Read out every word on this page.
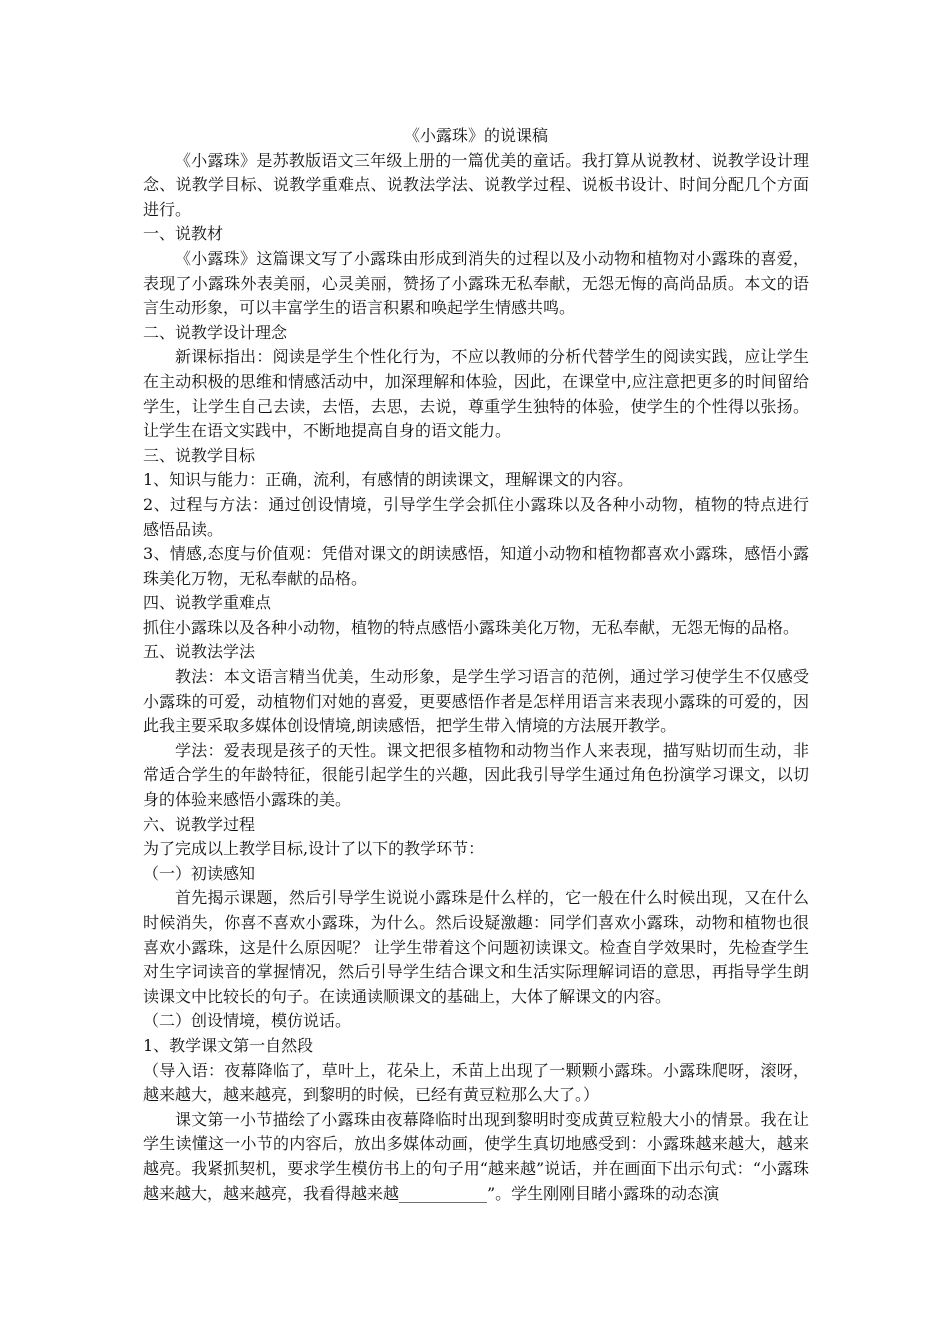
《小露珠》的说课稿

《小露珠》是苏教版语文三年级上册的一篇优美的童话。我打算从说教材、说教学设计理念、说教学目标、说教学重难点、说教法学法、说教学过程、说板书设计、时间分配几个方面进行。

一、说教材

《小露珠》这篇课文写了小露珠由形成到消失的过程以及小动物和植物对小露珠的喜爱，表现了小露珠外表美丽，心灵美丽，赞扬了小露珠无私奉献，无怨无悔的高尚品质。本文的语言生动形象，可以丰富学生的语言积累和唤起学生情感共鸣。

二、说教学设计理念

新课标指出：阅读是学生个性化行为，不应以教师的分析代替学生的阅读实践，应让学生在主动积极的思维和情感活动中，加深理解和体验，因此，在课堂中,应注意把更多的时间留给学生，让学生自己去读，去悟，去思，去说，尊重学生独特的体验，使学生的个性得以张扬。让学生在语文实践中，不断地提高自身的语文能力。

三、说教学目标

1、知识与能力：正确，流利，有感情的朗读课文，理解课文的内容。

2、过程与方法：通过创设情境，引导学生学会抓住小露珠以及各种小动物，植物的特点进行感悟品读。

3、情感,态度与价值观：凭借对课文的朗读感悟，知道小动物和植物都喜欢小露珠，感悟小露珠美化万物，无私奉献的品格。

四、说教学重难点

抓住小露珠以及各种小动物，植物的特点感悟小露珠美化万物，无私奉献，无怨无悔的品格。

五、说教法学法

教法：本文语言精当优美，生动形象，是学生学习语言的范例，通过学习使学生不仅感受小露珠的可爱，动植物们对她的喜爱，更要感悟作者是怎样用语言来表现小露珠的可爱的，因此我主要采取多媒体创设情境,朗读感悟，把学生带入情境的方法展开教学。

学法：爱表现是孩子的天性。课文把很多植物和动物当作人来表现，描写贴切而生动，非常适合学生的年龄特征，很能引起学生的兴趣，因此我引导学生通过角色扮演学习课文，以切身的体验来感悟小露珠的美。

六、说教学过程

为了完成以上教学目标,设计了以下的教学环节：

（一）初读感知

首先揭示课题，然后引导学生说说小露珠是什么样的，它一般在什么时候出现，又在什么时候消失，你喜不喜欢小露珠，为什么。然后设疑激趣：同学们喜欢小露珠，动物和植物也很喜欢小露珠，这是什么原因呢？ 让学生带着这个问题初读课文。检查自学效果时，先检查学生对生字词读音的掌握情况，然后引导学生结合课文和生活实际理解词语的意思，再指导学生朗读课文中比较长的句子。在读通读顺课文的基础上，大体了解课文的内容。

（二）创设情境，模仿说话。

1、教学课文第一自然段

（导入语：夜幕降临了，草叶上，花朵上，禾苗上出现了一颗颗小露珠。小露珠爬呀，滚呀，越来越大，越来越亮，到黎明的时候，已经有黄豆粒那么大了。）

课文第一小节描绘了小露珠由夜幕降临时出现到黎明时变成黄豆粒般大小的情景。我在让学生读懂这一小节的内容后，放出多媒体动画，使学生真切地感受到：小露珠越来越大，越来越亮。我紧抓契机，要求学生模仿书上的句子用“越来越”说话，并在画面下出示句式：“小露珠越来越大，越来越亮，我看得越来越___________”。学生刚刚目睹小露珠的动态演
